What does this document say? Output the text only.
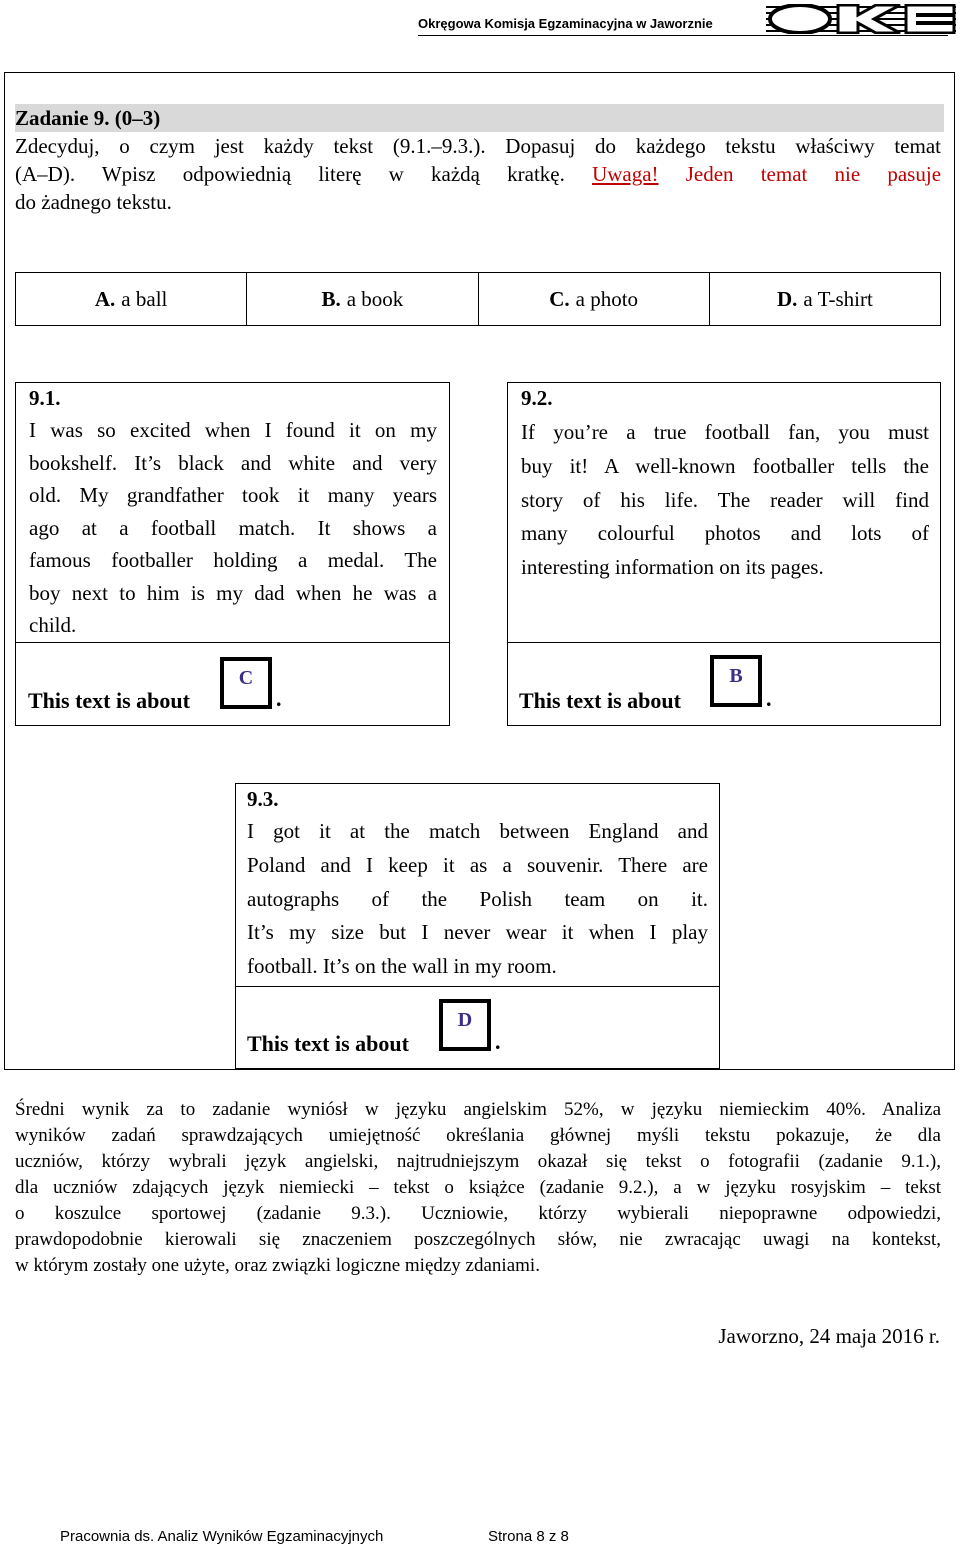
Okręgowa Komisja Egzaminacyjna w Jaworznie
Zadanie 9. (0–3)
Zdecyduj, o czym jest każdy tekst (9.1.–9.3.). Dopasuj do każdego tekstu właściwy temat
(A–D). Wpisz odpowiednią literę w każdą kratkę. Uwaga! Jeden temat nie pasuje
do żadnego tekstu.
A. a ball	B. a book	C. a photo	D. a T-shirt
9.1.
I was so excited when I found it on my
bookshelf. It’s black and white and very
old. My grandfather took it many years
ago at a football match. It shows a
famous footballer holding a medal. The
boy next to him is my dad when he was a
child.
This text is about
C
.
9.2.
If you’re a true football fan, you must
buy it! A well-known footballer tells the
story of his life. The reader will find
many colourful photos and lots of
interesting information on its pages.
This text is about
B
.
9.3.
I got it at the match between England and
Poland and I keep it as a souvenir. There are
autographs of the Polish team on it.
It’s my size but I never wear it when I play
football. It’s on the wall in my room.
This text is about
D
.
Średni wynik za to zadanie wyniósł w języku angielskim 52%, w języku niemieckim 40%. Analiza
wyników zadań sprawdzających umiejętność określania głównej myśli tekstu pokazuje, że dla
uczniów, którzy wybrali język angielski, najtrudniejszym okazał się tekst o fotografii (zadanie 9.1.),
dla uczniów zdających język niemiecki – tekst o książce (zadanie 9.2.), a w języku rosyjskim – tekst
o koszulce sportowej (zadanie 9.3.). Uczniowie, którzy wybierali niepoprawne odpowiedzi,
prawdopodobnie kierowali się znaczeniem poszczególnych słów, nie zwracając uwagi na kontekst,
w którym zostały one użyte, oraz związki logiczne między zdaniami.
Jaworzno, 24 maja 2016 r.
Pracownia ds. Analiz Wyników Egzaminacyjnych	Strona 8 z 8
